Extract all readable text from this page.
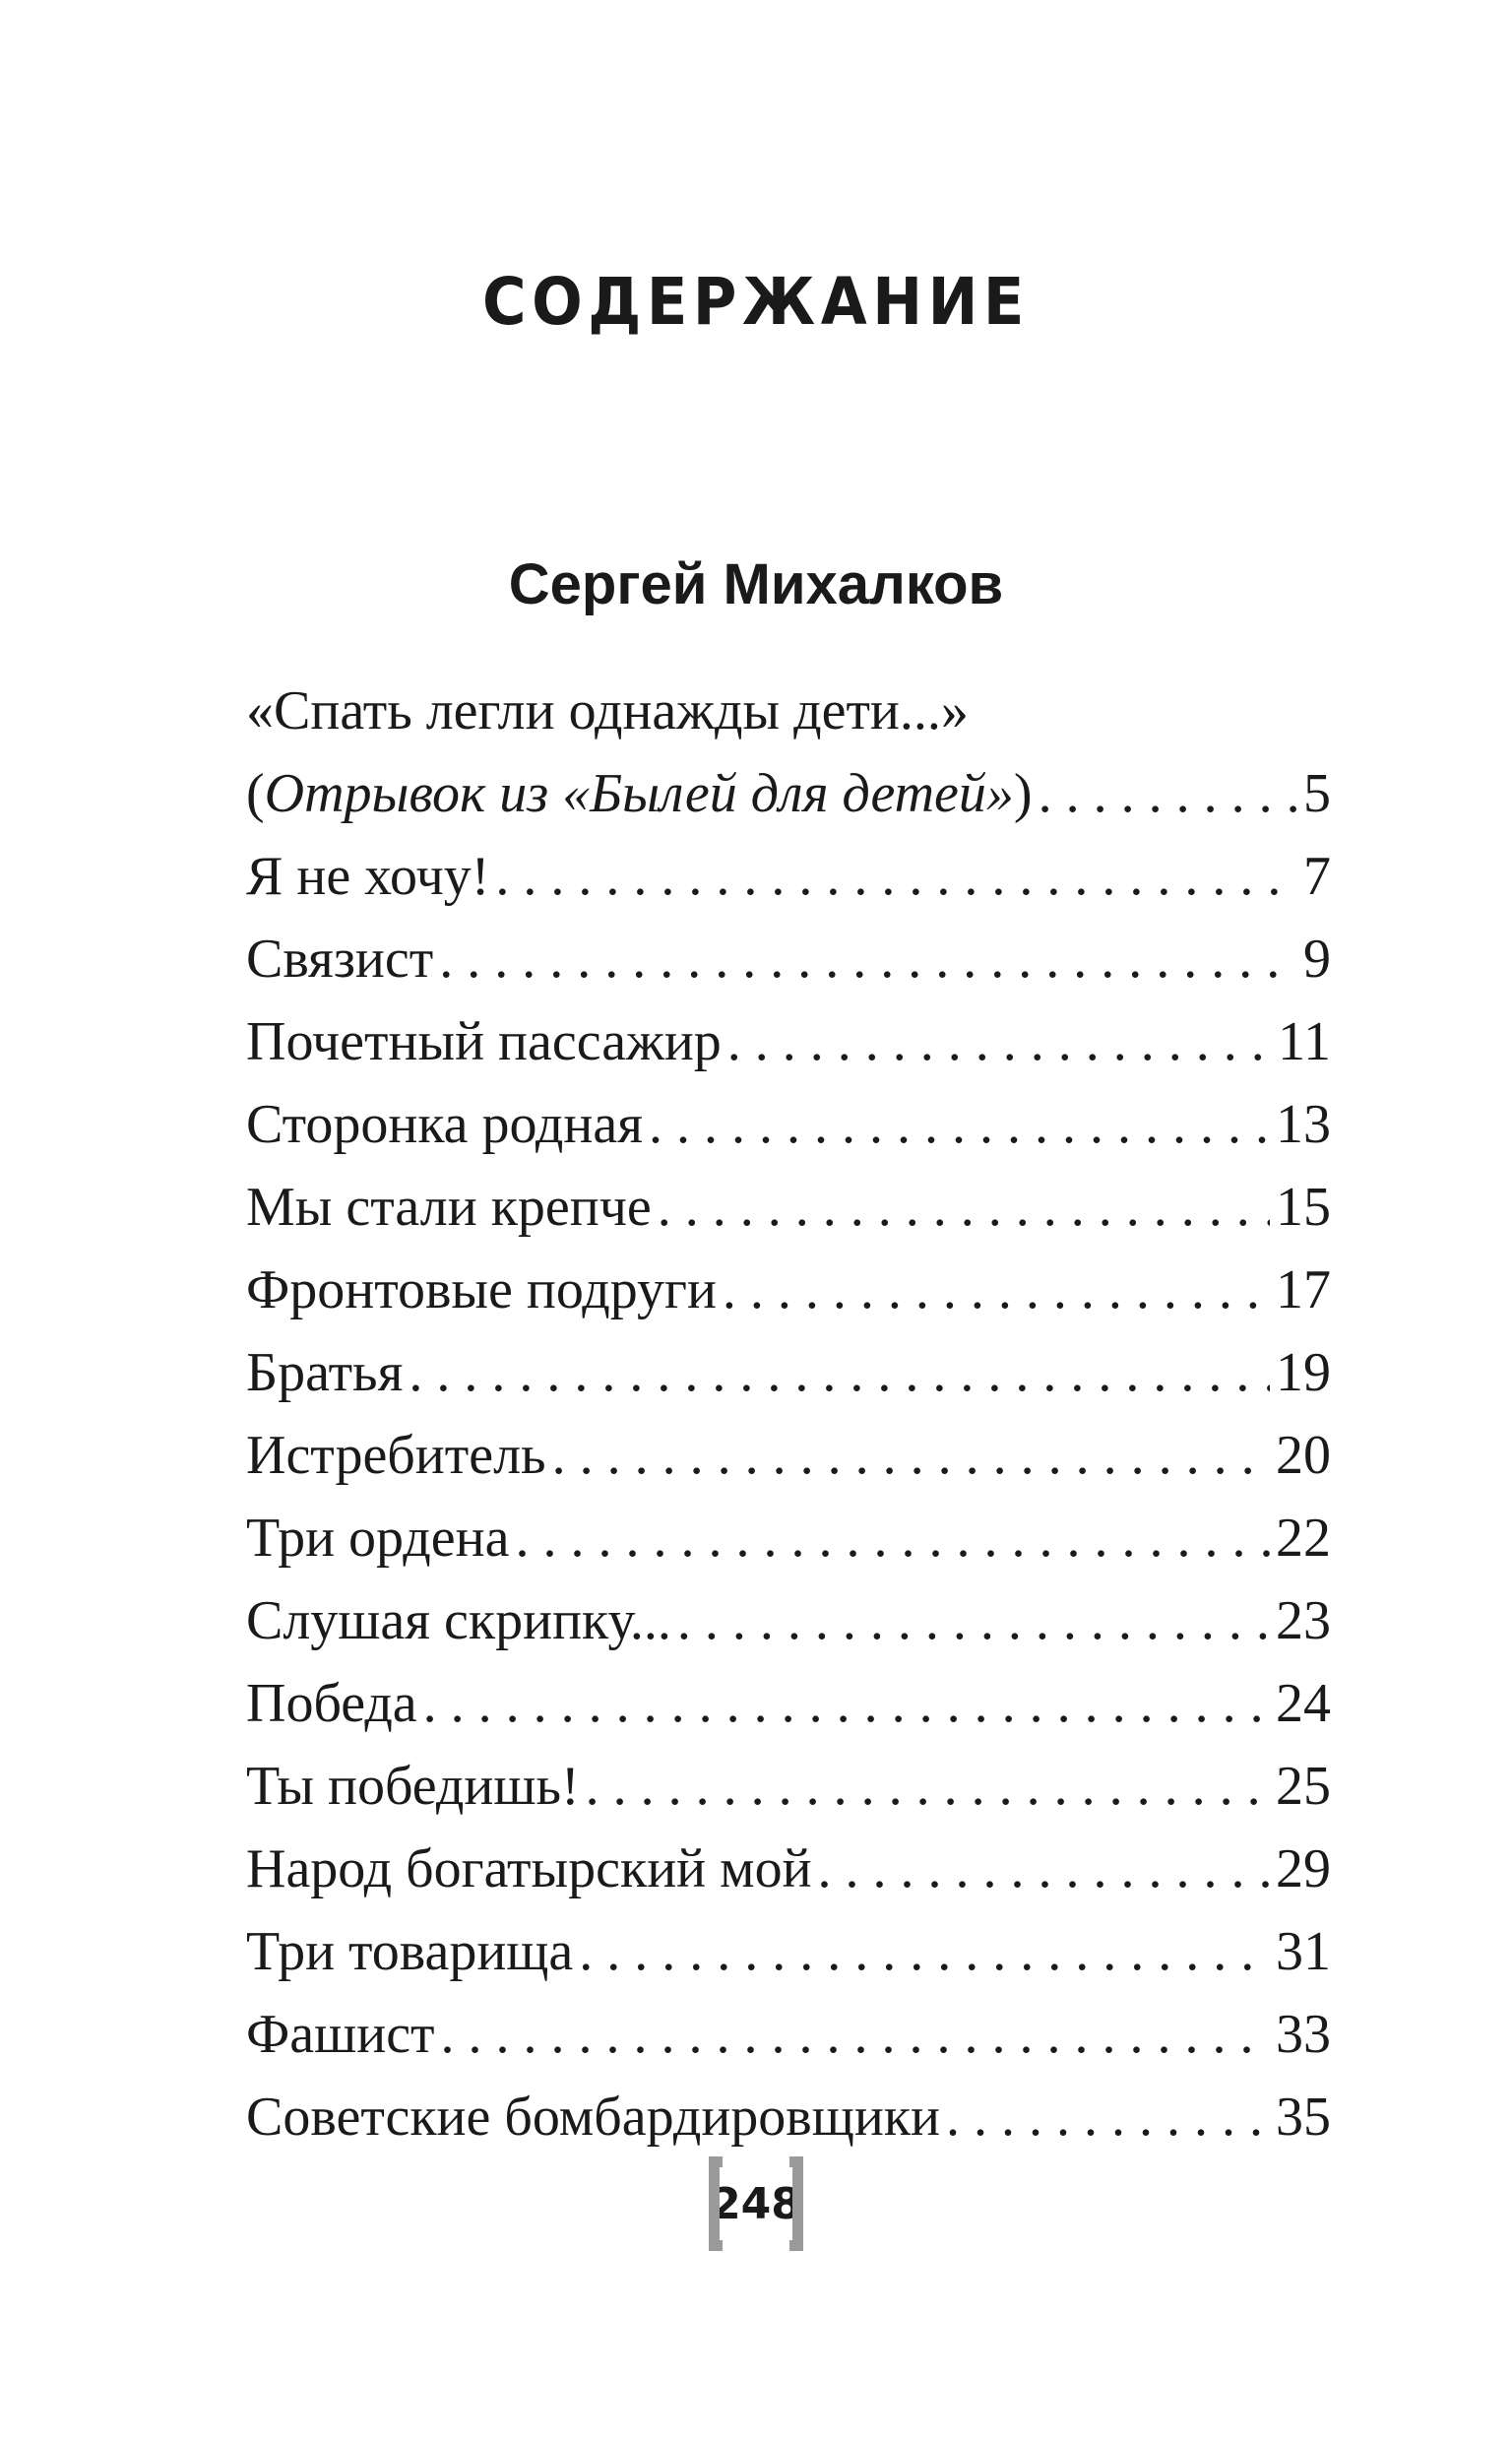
СОДЕРЖАНИЕ
Сергей Михалков
«Спать легли однажды дети...»
(Отрывок из «Былей для детей») . . .	5
Я не хочу! . . .	7
Связист . . .	9
Почетный пассажир . . .	11
Сторонка родная . . .	13
Мы стали крепче . . .	15
Фронтовые подруги . . .	17
Братья . . .	19
Истребитель . . .	20
Три ордена . . .	22
Слушая скрипку... . . .	23
Победа . . .	24
Ты победишь! . . .	25
Народ богатырский мой . . .	29
Три товарища . . .	31
Фашист . . .	33
Советские бомбардировщики . . .	35
248
